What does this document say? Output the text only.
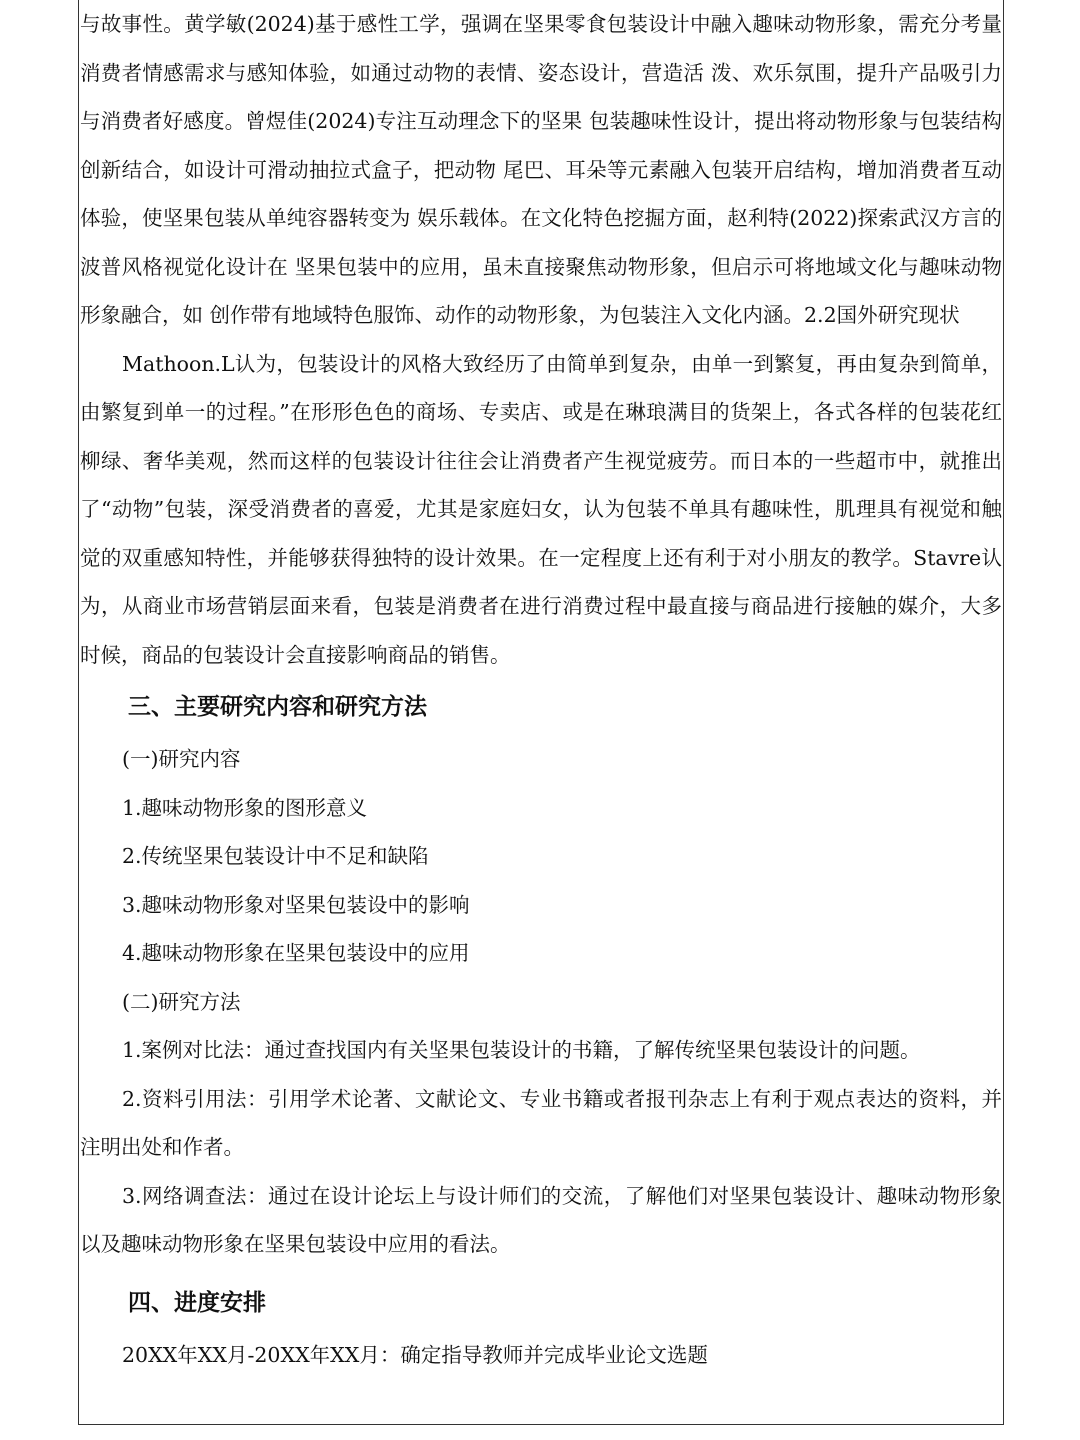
与故事性。黄学敏(2024)基于感性工学，强调在坚果零食包装设计中融入趣味动物形象，需充分考量消费者情感需求与感知体验，如通过动物的表情、姿态设计，营造活 泼、欢乐氛围，提升产品吸引力与消费者好感度。曾煜佳(2024)专注互动理念下的坚果 包装趣味性设计，提出将动物形象与包装结构创新结合，如设计可滑动抽拉式盒子，把动物 尾巴、耳朵等元素融入包装开启结构，增加消费者互动体验，使坚果包装从单纯容器转变为 娱乐载体。在文化特色挖掘方面，赵利特(2022)探索武汉方言的波普风格视觉化设计在 坚果包装中的应用，虽未直接聚焦动物形象，但启示可将地域文化与趣味动物形象融合，如 创作带有地域特色服饰、动作的动物形象，为包装注入文化内涵。2.2国外研究现状

Mathoon.L认为，包装设计的风格大致经历了由简单到复杂，由单一到繁复，再由复杂到简单，由繁复到单一的过程。”在形形色色的商场、专卖店、或是在琳琅满目的货架上，各式各样的包装花红柳绿、奢华美观，然而这样的包装设计往往会让消费者产生视觉疲劳。而日本的一些超市中，就推出了“动物”包装，深受消费者的喜爱，尤其是家庭妇女，认为包装不单具有趣味性，肌理具有视觉和触觉的双重感知特性，并能够获得独特的设计效果。在一定程度上还有利于对小朋友的教学。Stavre认为，从商业市场营销层面来看，包装是消费者在进行消费过程中最直接与商品进行接触的媒介，大多时候，商品的包装设计会直接影响商品的销售。

三、主要研究内容和研究方法

(一)研究内容

1.趣味动物形象的图形意义

2.传统坚果包装设计中不足和缺陷

3.趣味动物形象对坚果包装设中的影响

4.趣味动物形象在坚果包装设中的应用

(二)研究方法

1.案例对比法：通过查找国内有关坚果包装设计的书籍，了解传统坚果包装设计的问题。

2.资料引用法：引用学术论著、文献论文、专业书籍或者报刊杂志上有利于观点表达的资料，并注明出处和作者。

3.网络调查法：通过在设计论坛上与设计师们的交流，了解他们对坚果包装设计、趣味动物形象以及趣味动物形象在坚果包装设中应用的看法。

四、进度安排

20XX年XX月-20XX年XX月：确定指导教师并完成毕业论文选题
